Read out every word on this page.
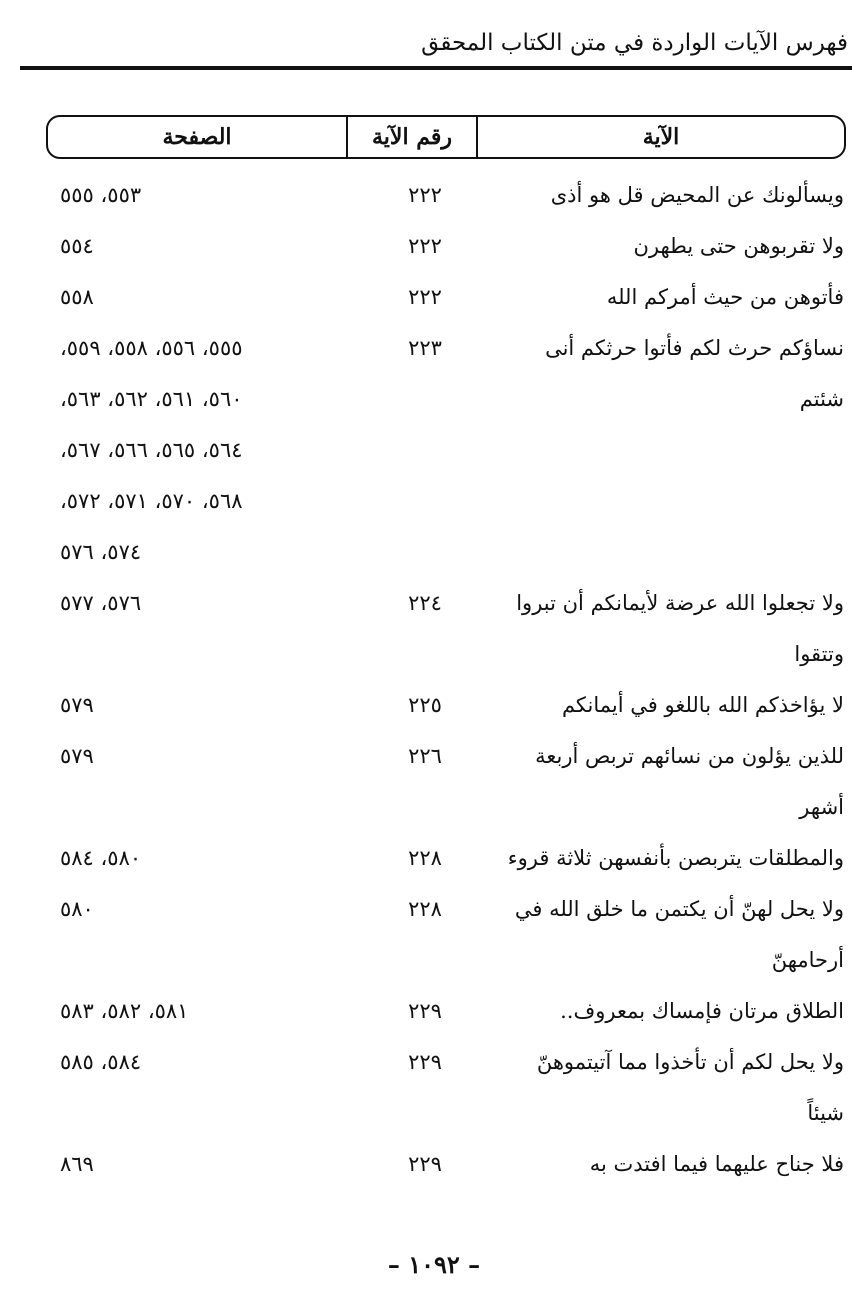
فهرس الآيات الواردة في متن الكتاب المحقق
الآية
رقم الآية
الصفحة
ويسألونك عن المحيض قل هو أذى
٢٢٢
٥٥٣، ٥٥٥
ولا تقربوهن حتى يطهرن
٢٢٢
٥٥٤
فأتوهن من حيث أمركم الله
٢٢٢
٥٥٨
نساؤكم حرث لكم فأتوا حرثكم أنى
٢٢٣
٥٥٥، ٥٥٦، ٥٥٨، ٥٥٩،
شئتم
٥٦٠، ٥٦١، ٥٦٢، ٥٦٣،
٥٦٤، ٥٦٥، ٥٦٦، ٥٦٧،
٥٦٨، ٥٧٠، ٥٧١، ٥٧٢،
٥٧٤، ٥٧٦
ولا تجعلوا الله عرضة لأيمانكم أن تبروا
٢٢٤
٥٧٦، ٥٧٧
وتتقوا
لا يؤاخذكم الله باللغو في أيمانكم
٢٢٥
٥٧٩
للذين يؤلون من نسائهم تربص أربعة
٢٢٦
٥٧٩
أشهر
والمطلقات يتربصن بأنفسهن ثلاثة قروء
٢٢٨
٥٨٠، ٥٨٤
ولا يحل لهنّ أن يكتمن ما خلق الله في
٢٢٨
٥٨٠
أرحامهنّ
الطلاق مرتان فإمساك بمعروف..
٢٢٩
٥٨١، ٥٨٢، ٥٨٣
ولا يحل لكم أن تأخذوا مما آتيتموهنّ
٢٢٩
٥٨٤، ٥٨٥
شيئاً
فلا جناح عليهما فيما افتدت به
٢٢٩
٨٦٩
– ١٠٩٢ –
